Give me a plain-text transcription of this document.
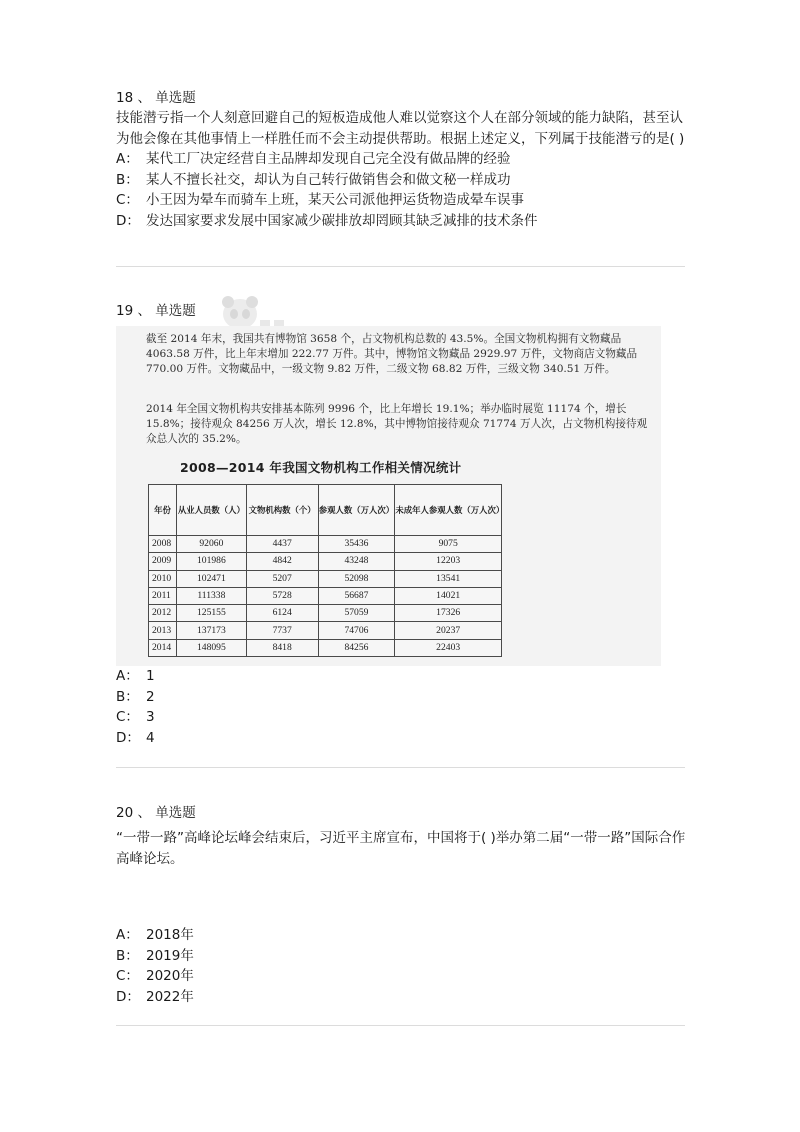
18 、 单选题

技能潜亏指一个人刻意回避自己的短板造成他人难以觉察这个人在部分领域的能力缺陷，甚至认为他会像在其他事情上一样胜任而不会主动提供帮助。根据上述定义，下列属于技能潜亏的是( )

A： 某代工厂决定经营自主品牌却发现自己完全没有做品牌的经验
B： 某人不擅长社交，却认为自己转行做销售会和做文秘一样成功
C： 小王因为晕车而骑车上班，某天公司派他押运货物造成晕车误事
D： 发达国家要求发展中国家减少碳排放却罔顾其缺乏减排的技术条件
19 、 单选题

截至 2014 年末，我国共有博物馆 3658 个，占文物机构总数的 43.5%。全国文物机构拥有文物藏品 4063.58 万件，比上年末增加 222.77 万件。其中，博物馆文物藏品 2929.97 万件，文物商店文物藏品 770.00 万件。文物藏品中，一级文物 9.82 万件，二级文物 68.82 万件，三级文物 340.51 万件。

2014 年全国文物机构共安排基本陈列 9996 个，比上年增长 19.1%；举办临时展览 11174 个，增长 15.8%；接待观众 84256 万人次，增长 12.8%，其中博物馆接待观众 71774 万人次，占文物机构接待观众总人次的 35.2%。

2008—2014 年我国文物机构工作相关情况统计
年份	从业人员数（人）	文物机构数（个）	参观人数（万人次）	未成年人参观人数（万人次）
2008	92060	4437	35436	9075
2009	101986	4842	43248	12203
2010	102471	5207	52098	13541
2011	111338	5728	56687	14021
2012	125155	6124	57059	17326
2013	137173	7737	74706	20237
2014	148095	8418	84256	22403
A： 1
B： 2
C： 3
D： 4
20 、 单选题

“一带一路”高峰论坛峰会结束后，习近平主席宣布，中国将于( )举办第二届“一带一路”国际合作高峰论坛。

A： 2018年
B： 2019年
C： 2020年
D： 2022年
